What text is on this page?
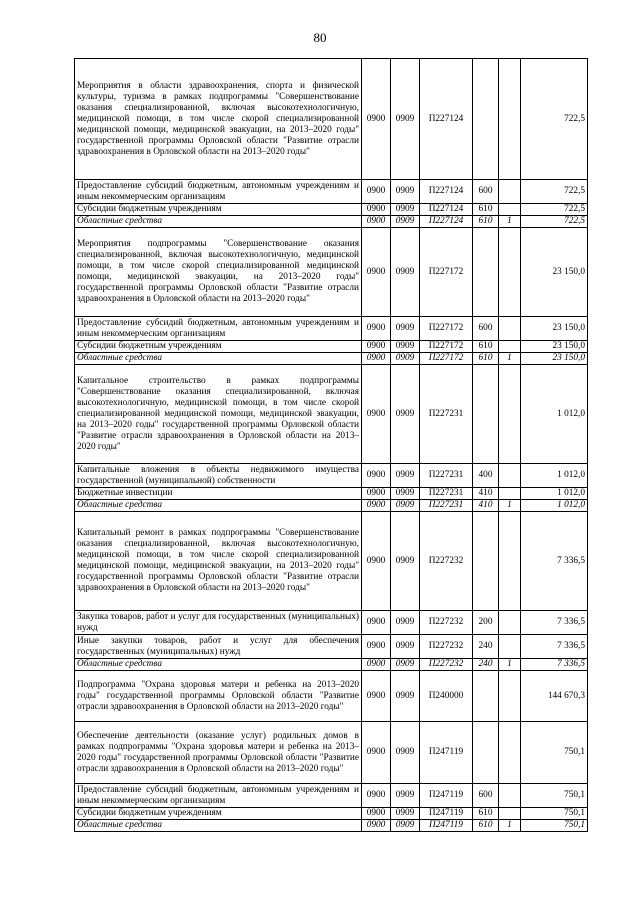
80
Мероприятия в области здравоохранения, спорта и физической культуры, туризма в рамках подпрограммы "Совершенствование оказания специализированной, включая высокотехнологичную, медицинской помощи, в том числе скорой специализированной медицинской помощи, медицинской эвакуации, на 2013–2020 годы" государственной программы Орловской области "Развитие отрасли здравоохранения в Орловской области на 2013–2020 годы"	0900	0909	П227124			722,5
Предоставление субсидий бюджетным, автономным учреждениям и иным некоммерческим организациям	0900	0909	П227124	600		722,5
Субсидии бюджетным учреждениям	0900	0909	П227124	610		722,5
Областные средства	0900	0909	П227124	610	1	722,5
Мероприятия подпрограммы "Совершенствование оказания специализированной, включая высокотехнологичную, медицинской помощи, в том числе скорой специализированной медицинской помощи, медицинской эвакуации, на 2013–2020 годы" государственной программы Орловской области "Развитие отрасли здравоохранения в Орловской области на 2013–2020 годы"	0900	0909	П227172			23 150,0
Предоставление субсидий бюджетным, автономным учреждениям и иным некоммерческим организациям	0900	0909	П227172	600		23 150,0
Субсидии бюджетным учреждениям	0900	0909	П227172	610		23 150,0
Областные средства	0900	0909	П227172	610	1	23 150,0
Капитальное строительство в рамках подпрограммы "Совершенствование оказания специализированной, включая высокотехнологичную, медицинской помощи, в том числе скорой специализированной медицинской помощи, медицинской эвакуации, на 2013–2020 годы" государственной программы Орловской области "Развитие отрасли здравоохранения в Орловской области на 2013–2020 годы"	0900	0909	П227231			1 012,0
Капитальные вложения в объекты недвижимого имущества государственной (муниципальной) собственности	0900	0909	П227231	400		1 012,0
Бюджетные инвестиции	0900	0909	П227231	410		1 012,0
Областные средства	0900	0909	П227231	410	1	1 012,0
Капитальный ремонт в рамках подпрограммы "Совершенствование оказания специализированной, включая высокотехнологичную, медицинской помощи, в том числе скорой специализированной медицинской помощи, медицинской эвакуации, на 2013–2020 годы" государственной программы Орловской области "Развитие отрасли здравоохранения в Орловской области на 2013–2020 годы"	0900	0909	П227232			7 336,5
Закупка товаров, работ и услуг для государственных (муниципальных) нужд	0900	0909	П227232	200		7 336,5
Иные закупки товаров, работ и услуг для обеспечения государственных (муниципальных) нужд	0900	0909	П227232	240		7 336,5
Областные средства	0900	0909	П227232	240	1	7 336,5
Подпрограмма "Охрана здоровья матери и ребенка на 2013–2020 годы" государственной программы Орловской области "Развитие отрасли здравоохранения в Орловской области на 2013–2020 годы"	0900	0909	П240000			144 670,3
Обеспечение деятельности (оказание услуг) родильных домов в рамках подпрограммы "Охрана здоровья матери и ребенка на 2013–2020 годы" государственной программы Орловской области "Развитие отрасли здравоохранения в Орловской области на 2013–2020 годы"	0900	0909	П247119			750,1
Предоставление субсидий бюджетным, автономным учреждениям и иным некоммерческим организациям	0900	0909	П247119	600		750,1
Субсидии бюджетным учреждениям	0900	0909	П247119	610		750,1
Областные средства	0900	0909	П247119	610	1	750,1
